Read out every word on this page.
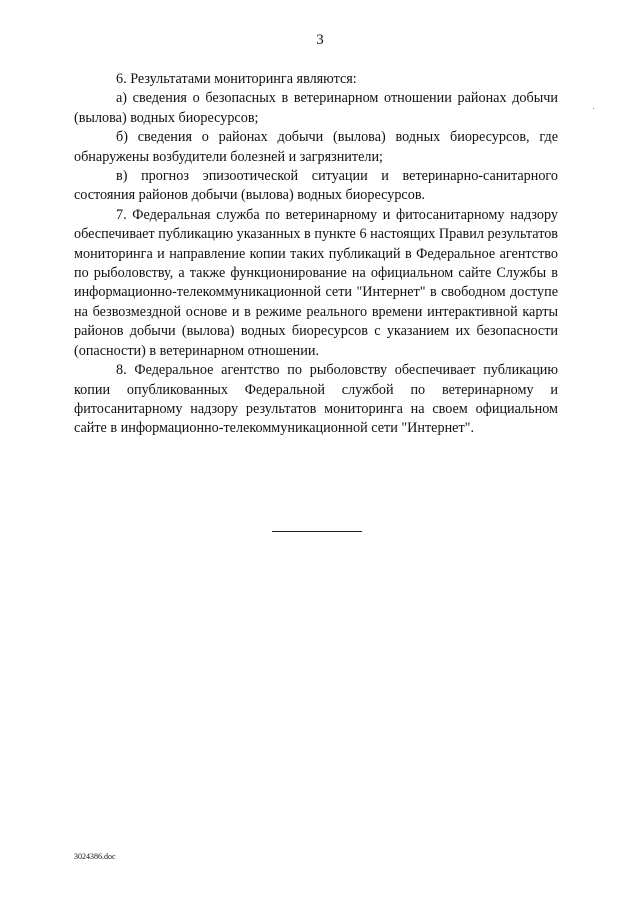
3

6. Результатами мониторинга являются:

а) сведения о безопасных в ветеринарном отношении районах добычи (вылова) водных биоресурсов;

б) сведения о районах добычи (вылова) водных биоресурсов, где обнаружены возбудители болезней и загрязнители;

в) прогноз эпизоотической ситуации и ветеринарно-санитарного состояния районов добычи (вылова) водных биоресурсов.

7. Федеральная служба по ветеринарному и фитосанитарному надзору обеспечивает публикацию указанных в пункте 6 настоящих Правил результатов мониторинга и направление копии таких публикаций в Федеральное агентство по рыболовству, а также функционирование на официальном сайте Службы в информационно-телекоммуникационной сети "Интернет" в свободном доступе на безвозмездной основе и в режиме реального времени интерактивной карты районов добычи (вылова) водных биоресурсов с указанием их безопасности (опасности) в ветеринарном отношении.

8. Федеральное агентство по рыболовству обеспечивает публикацию копии опубликованных Федеральной службой по ветеринарному и фитосанитарному надзору результатов мониторинга на своем официальном сайте в информационно-телекоммуникационной сети "Интернет".

3024386.doc
